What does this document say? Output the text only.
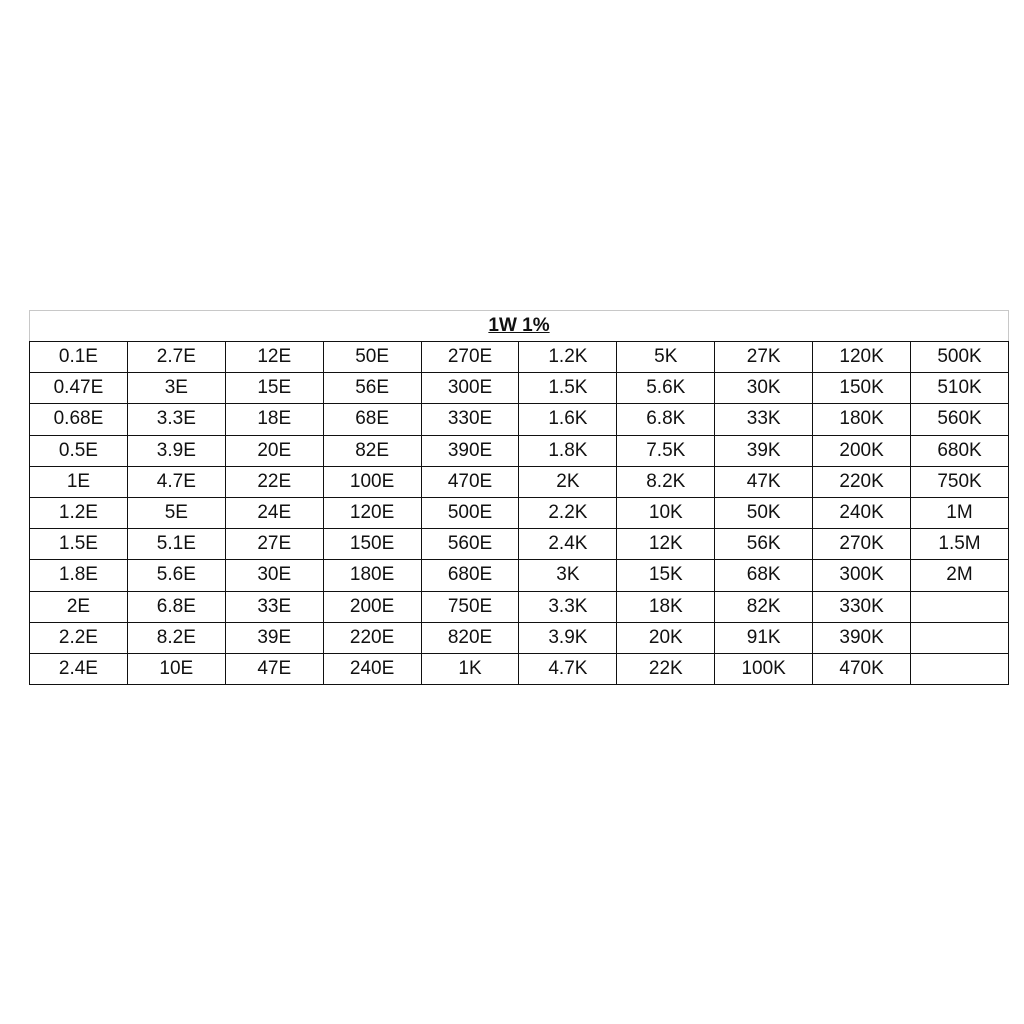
1W 1%									
0.1E	2.7E	12E	50E	270E	1.2K	5K	27K	120K	500K
0.47E	3E	15E	56E	300E	1.5K	5.6K	30K	150K	510K
0.68E	3.3E	18E	68E	330E	1.6K	6.8K	33K	180K	560K
0.5E	3.9E	20E	82E	390E	1.8K	7.5K	39K	200K	680K
1E	4.7E	22E	100E	470E	2K	8.2K	47K	220K	750K
1.2E	5E	24E	120E	500E	2.2K	10K	50K	240K	1M
1.5E	5.1E	27E	150E	560E	2.4K	12K	56K	270K	1.5M
1.8E	5.6E	30E	180E	680E	3K	15K	68K	300K	2M
2E	6.8E	33E	200E	750E	3.3K	18K	82K	330K	
2.2E	8.2E	39E	220E	820E	3.9K	20K	91K	390K	
2.4E	10E	47E	240E	1K	4.7K	22K	100K	470K	
